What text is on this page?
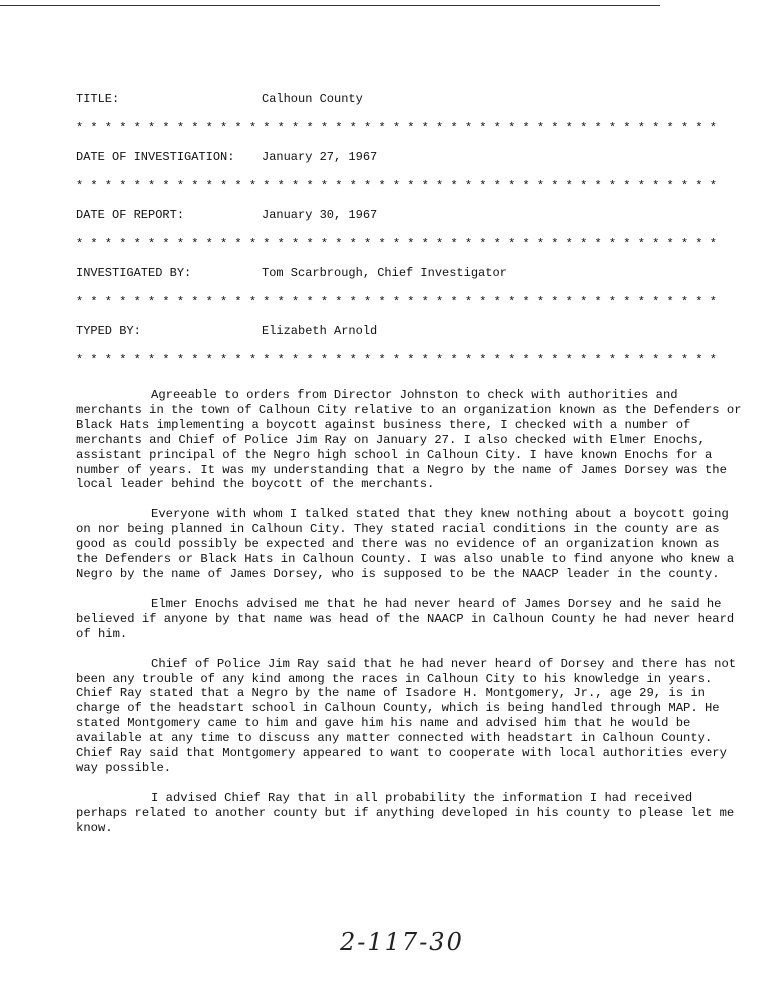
TITLE:	Calhoun County
* * * * * * * * * * * * * * * * * * * * * * * * * * * * * * * * * * * * * * * * * * * * *
DATE OF INVESTIGATION:	January 27, 1967
* * * * * * * * * * * * * * * * * * * * * * * * * * * * * * * * * * * * * * * * * * * * *
DATE OF REPORT:	January 30, 1967
* * * * * * * * * * * * * * * * * * * * * * * * * * * * * * * * * * * * * * * * * * * * *
INVESTIGATED BY:	Tom Scarbrough, Chief Investigator
* * * * * * * * * * * * * * * * * * * * * * * * * * * * * * * * * * * * * * * * * * * * *
TYPED BY:	Elizabeth Arnold
* * * * * * * * * * * * * * * * * * * * * * * * * * * * * * * * * * * * * * * * * * * * *

Agreeable to orders from Director Johnston to check with authorities and merchants in the town of Calhoun City relative to an organization known as the Defenders or Black Hats implementing a boycott against business there, I checked with a number of merchants and Chief of Police Jim Ray on January 27. I also checked with Elmer Enochs, assistant principal of the Negro high school in Calhoun City. I have known Enochs for a number of years. It was my understanding that a Negro by the name of James Dorsey was the local leader behind the boycott of the merchants.

Everyone with whom I talked stated that they knew nothing about a boycott going on nor being planned in Calhoun City. They stated racial conditions in the county are as good as could possibly be expected and there was no evidence of an organization known as the Defenders or Black Hats in Calhoun County. I was also unable to find anyone who knew a Negro by the name of James Dorsey, who is supposed to be the NAACP leader in the county.

Elmer Enochs advised me that he had never heard of James Dorsey and he said he believed if anyone by that name was head of the NAACP in Calhoun County he had never heard of him.

Chief of Police Jim Ray said that he had never heard of Dorsey and there has not been any trouble of any kind among the races in Calhoun City to his knowledge in years. Chief Ray stated that a Negro by the name of Isadore H. Montgomery, Jr., age 29, is in charge of the headstart school in Calhoun County, which is being handled through MAP. He stated Montgomery came to him and gave him his name and advised him that he would be available at any time to discuss any matter connected with headstart in Calhoun County. Chief Ray said that Montgomery appeared to want to cooperate with local authorities every way possible.

I advised Chief Ray that in all probability the information I had received perhaps related to another county but if anything developed in his county to please let me know.

2-117-30
